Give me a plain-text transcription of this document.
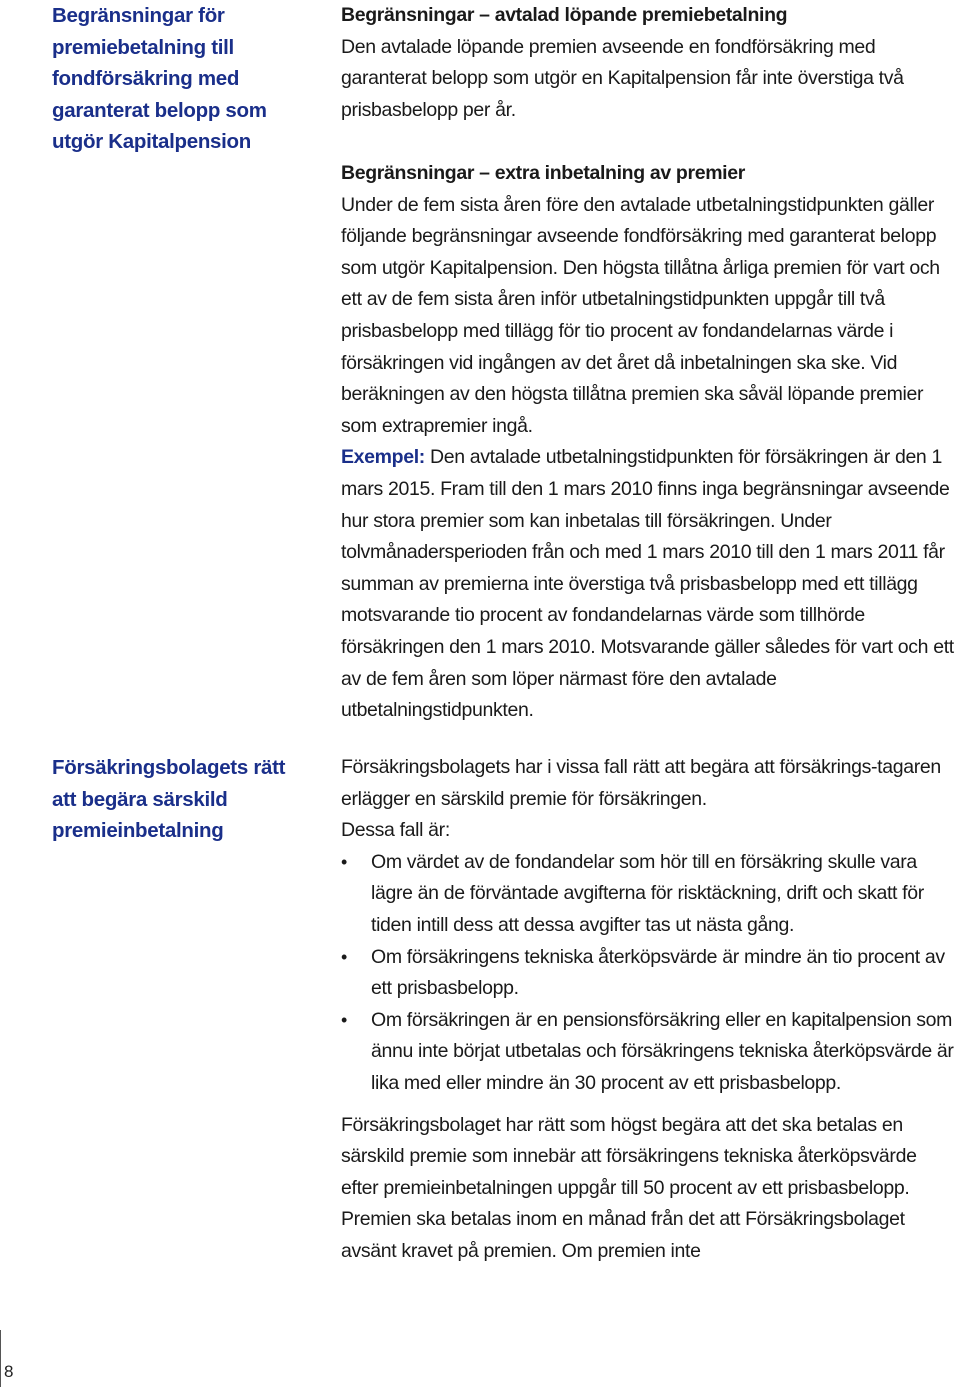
Begränsningar för premiebetalning till fondförsäkring med garanterat belopp som utgör Kapitalpension
Försäkringsbolagets rätt att begära särskild premieinbetalning

Begränsningar – avtalad löpande premiebetalning

Den avtalade löpande premien avseende en fondförsäkring med garanterat belopp som utgör en Kapitalpension får inte överstiga två prisbasbelopp per år.

Begränsningar – extra inbetalning av premier

Under de fem sista åren före den avtalade utbetalningstidpunkten gäller följande begränsningar avseende fondförsäkring med garanterat belopp som utgör Kapitalpension. Den högsta tillåtna årliga premien för vart och ett av de fem sista åren inför utbetalningstidpunkten uppgår till två prisbasbelopp med tillägg för tio procent av fondandelarnas värde i försäkringen vid ingången av det året då inbetalningen ska ske. Vid beräkningen av den högsta tillåtna premien ska såväl löpande premier som extrapremier ingå.

Exempel: Den avtalade utbetalningstidpunkten för försäkringen är den 1 mars 2015. Fram till den 1 mars 2010 finns inga begränsningar avseende hur stora premier som kan inbetalas till försäkringen. Under tolvmånadersperioden från och med 1 mars 2010 till den 1 mars 2011 får summan av premierna inte överstiga två prisbasbelopp med ett tillägg motsvarande tio procent av fondandelarnas värde som tillhörde försäkringen den 1 mars 2010. Motsvarande gäller således för vart och ett av de fem åren som löper närmast före den avtalade utbetalningstidpunkten.

Försäkringsbolagets har i vissa fall rätt att begära att försäkrings-tagaren erlägger en särskild premie för försäkringen.

Dessa fall är:

• Om värdet av de fondandelar som hör till en försäkring skulle vara lägre än de förväntade avgifterna för risktäckning, drift och skatt för tiden intill dess att dessa avgifter tas ut nästa gång.
• Om försäkringens tekniska återköpsvärde är mindre än tio procent av ett prisbasbelopp.
• Om försäkringen är en pensionsförsäkring eller en kapitalpension som ännu inte börjat utbetalas och försäkringens tekniska återköpsvärde är lika med eller mindre än 30 procent av ett prisbasbelopp.

Försäkringsbolaget har rätt som högst begära att det ska betalas en särskild premie som innebär att försäkringens tekniska återköpsvärde efter premieinbetalningen uppgår till 50 procent av ett prisbasbelopp. Premien ska betalas inom en månad från det att Försäkringsbolaget avsänt kravet på premien. Om premien inte

8
